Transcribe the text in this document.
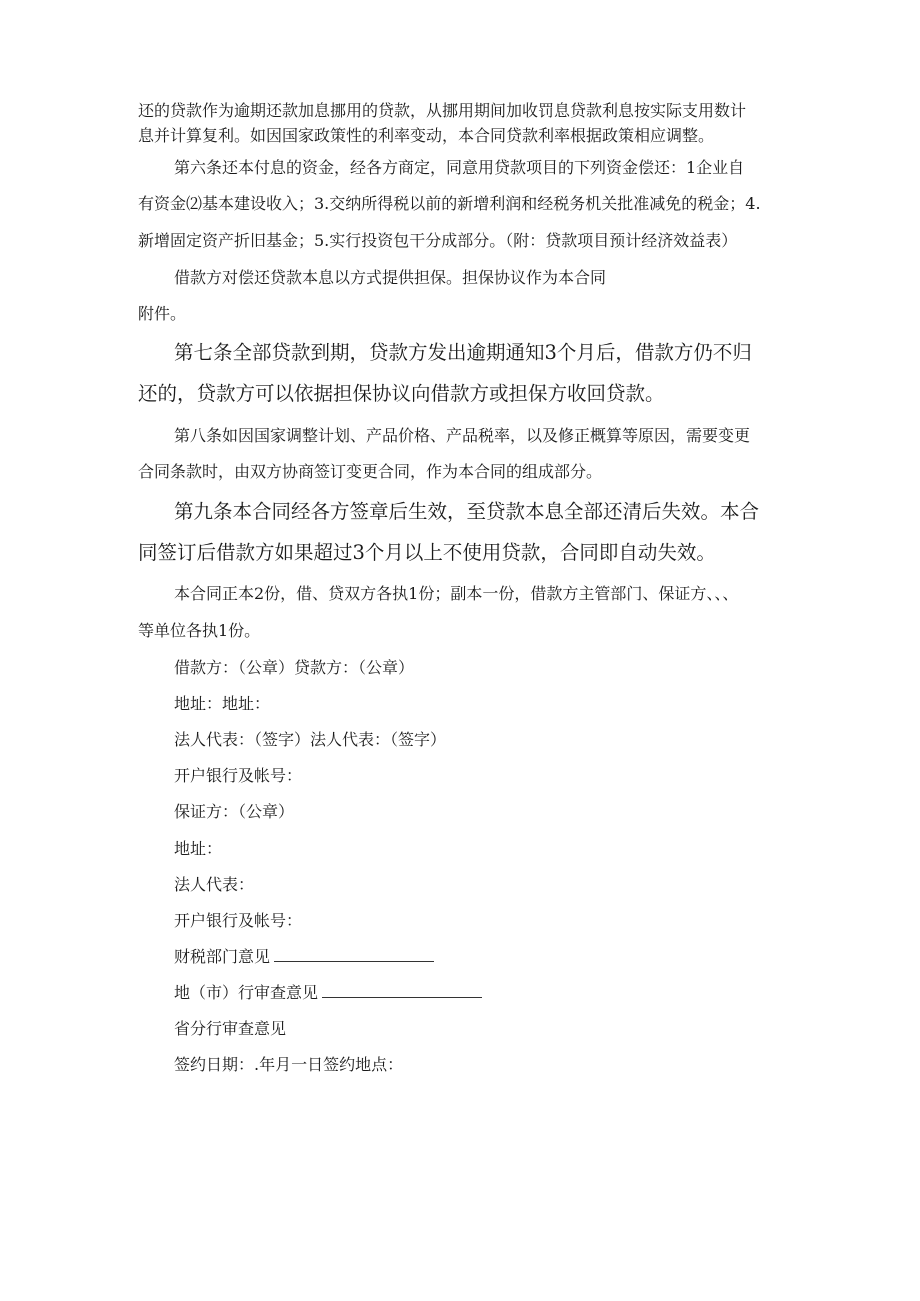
还的贷款作为逾期还款加息挪用的贷款，从挪用期间加收罚息贷款利息按实际支用数计

息并计算复利。如因国家政策性的利率变动，本合同贷款利率根据政策相应调整。

第六条还本付息的资金，经各方商定，同意用贷款项目的下列资金偿还：1企业自

有资金⑵基本建设收入；3.交纳所得税以前的新增利润和经税务机关批准减免的税金；4.

新增固定资产折旧基金；5.实行投资包干分成部分。（附：贷款项目预计经济效益表）

借款方对偿还贷款本息以方式提供担保。担保协议作为本合同

附件。

第七条全部贷款到期，贷款方发出逾期通知3个月后，借款方仍不归

还的，贷款方可以依据担保协议向借款方或担保方收回贷款。

第八条如因国家调整计划、产品价格、产品税率，以及修正概算等原因，需要变更

合同条款时，由双方协商签订变更合同，作为本合同的组成部分。

第九条本合同经各方签章后生效，至贷款本息全部还清后失效。本合

同签订后借款方如果超过3个月以上不使用贷款，合同即自动失效。

本合同正本2份，借、贷双方各执1份；副本一份，借款方主管部门、保证方、、、

等单位各执1份。

借款方：（公章）贷款方：（公章）

地址：地址：

法人代表：（签字）法人代表：（签字）

开户银行及帐号：

保证方：（公章）

地址：

法人代表：

开户银行及帐号：

财税部门意见

地（市）行审查意见

省分行审查意见

签约日期：.年月一日签约地点：
